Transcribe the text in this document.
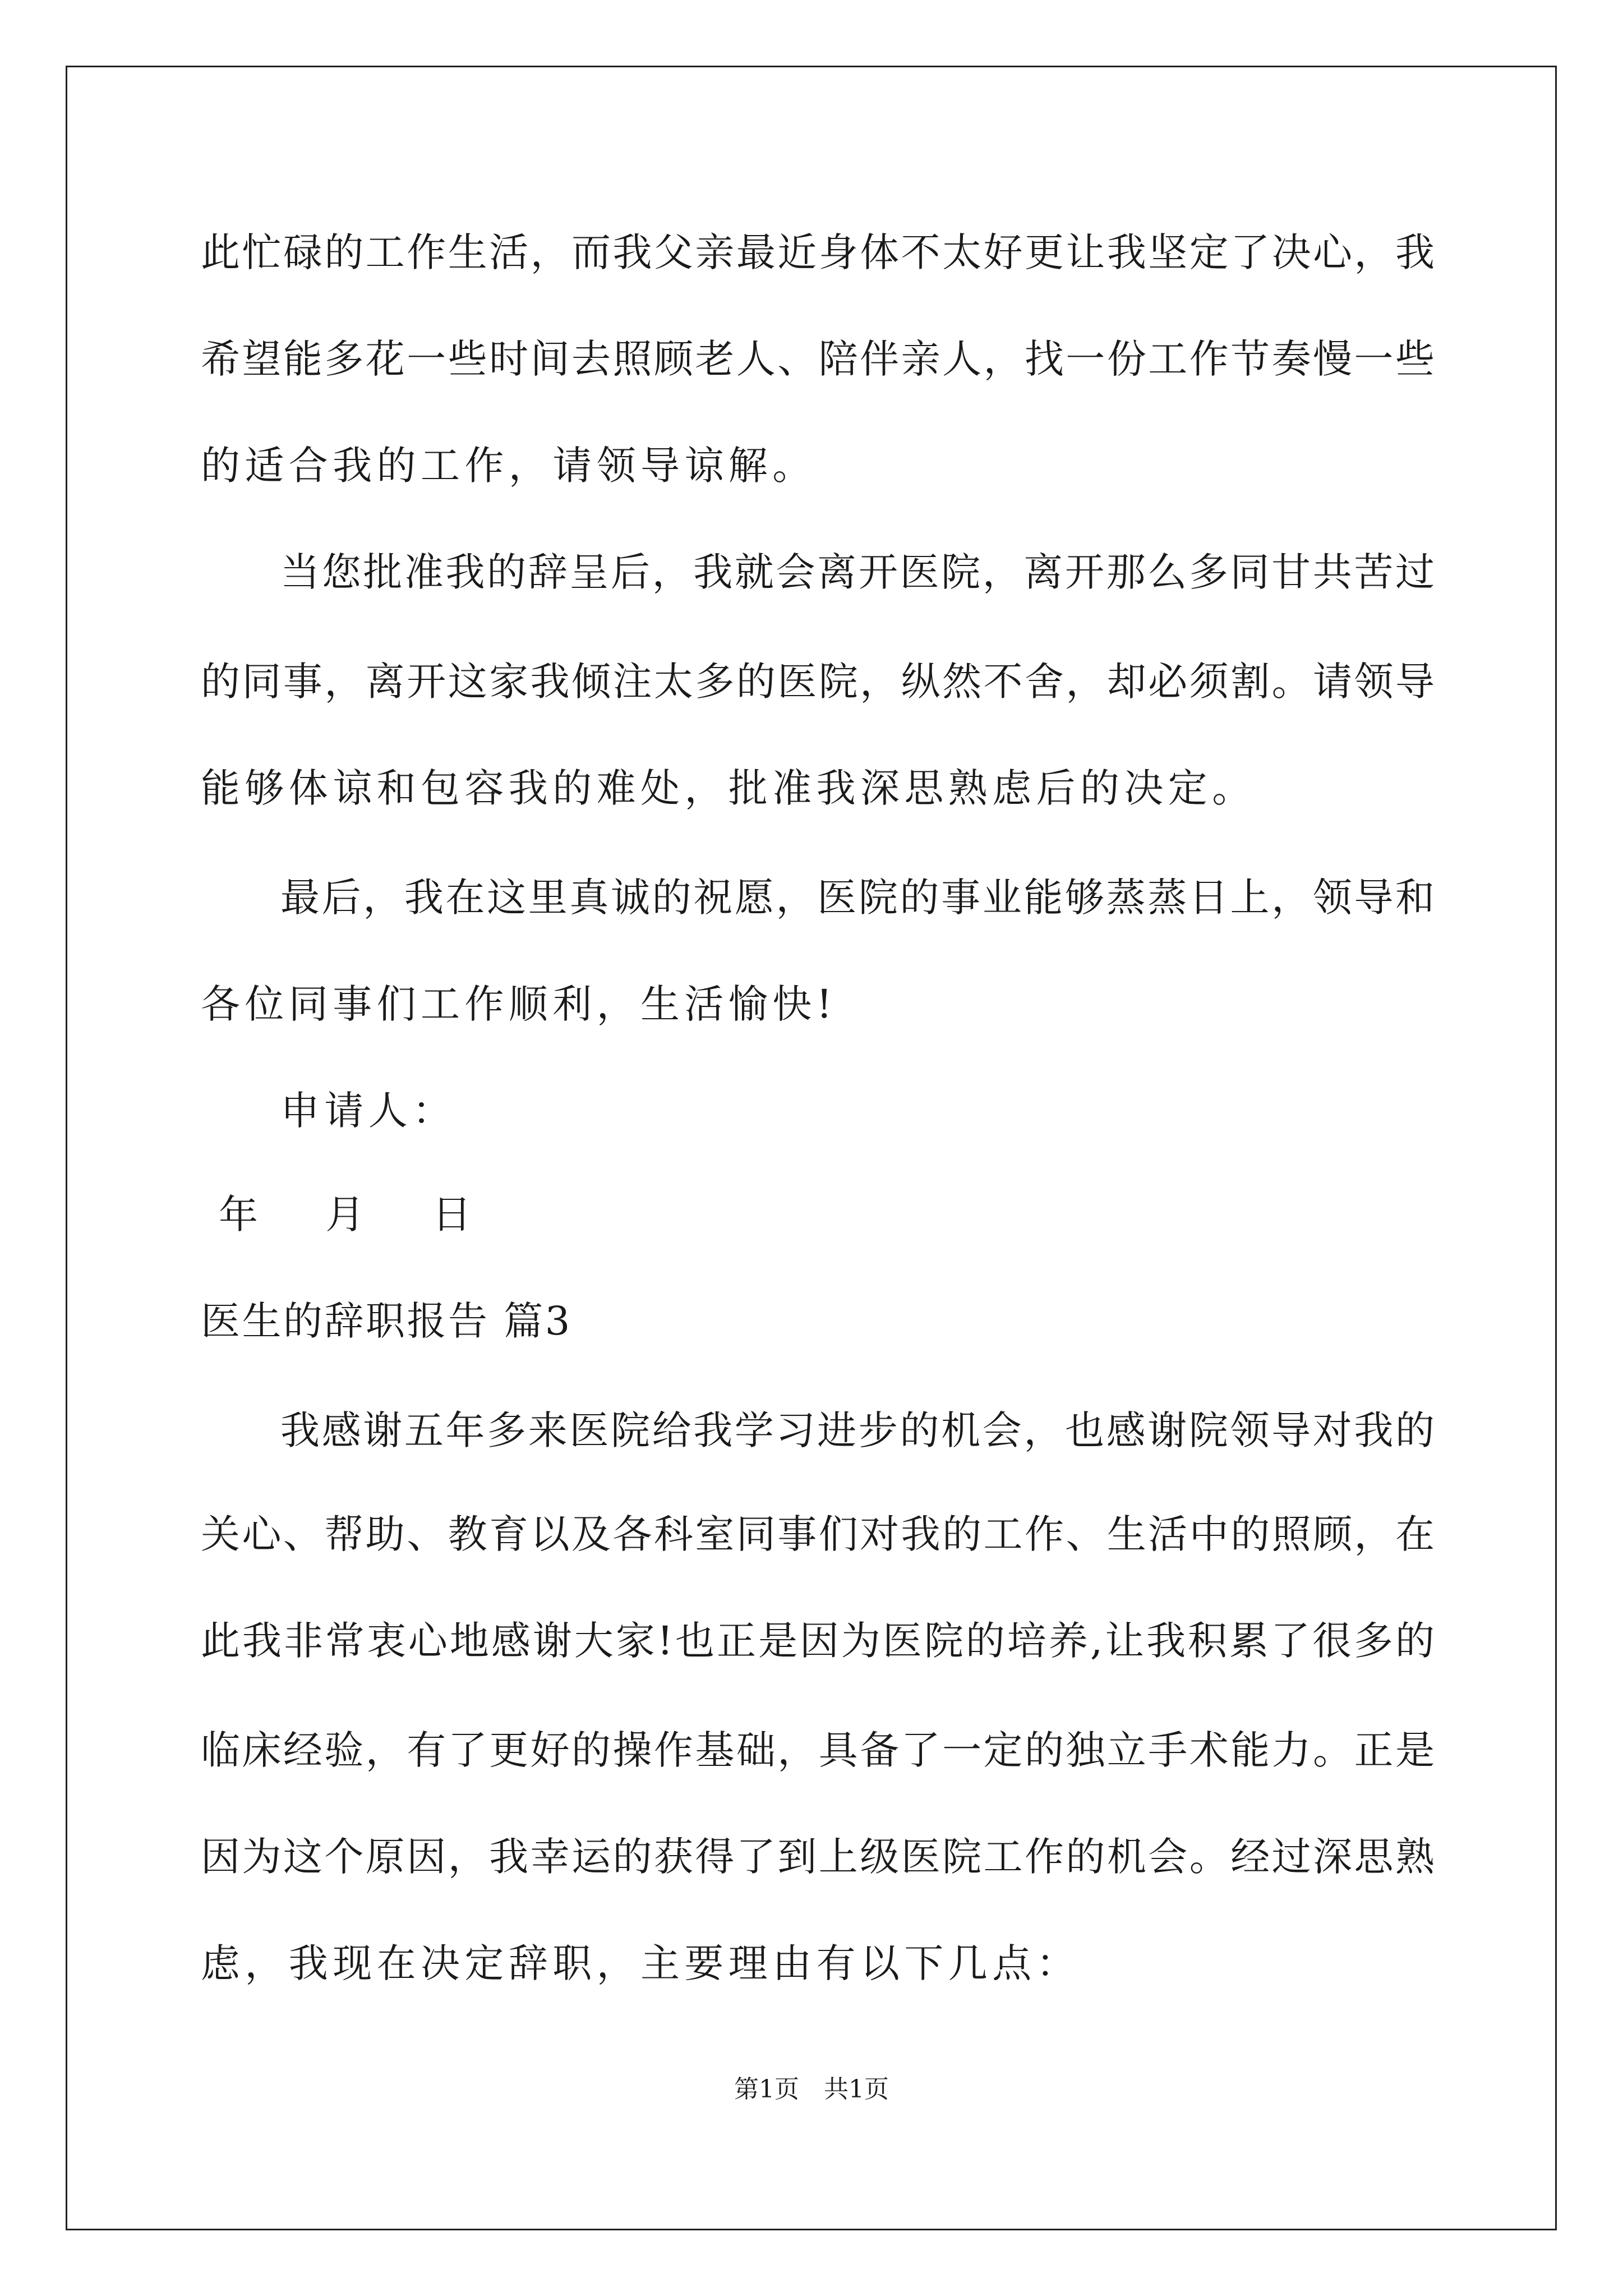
此忙碌的工作生活，而我父亲最近身体不太好更让我坚定了决心，我
希望能多花一些时间去照顾老人、陪伴亲人，找一份工作节奏慢一些
的适合我的工作，请领导谅解。
当您批准我的辞呈后，我就会离开医院，离开那么多同甘共苦过
的同事，离开这家我倾注太多的医院，纵然不舍，却必须割。请领导
能够体谅和包容我的难处，批准我深思熟虑后的决定。
最后，我在这里真诚的祝愿，医院的事业能够蒸蒸日上，领导和
各位同事们工作顺利，生活愉快!
申请人：
年 月 日
医生的辞职报告 篇3
我感谢五年多来医院给我学习进步的机会，也感谢院领导对我的
关心、帮助、教育以及各科室同事们对我的工作、生活中的照顾，在
此我非常衷心地感谢大家!也正是因为医院的培养,让我积累了很多的
临床经验，有了更好的操作基础，具备了一定的独立手术能力。正是
因为这个原因，我幸运的获得了到上级医院工作的机会。经过深思熟
虑，我现在决定辞职，主要理由有以下几点：
第1页　共1页
